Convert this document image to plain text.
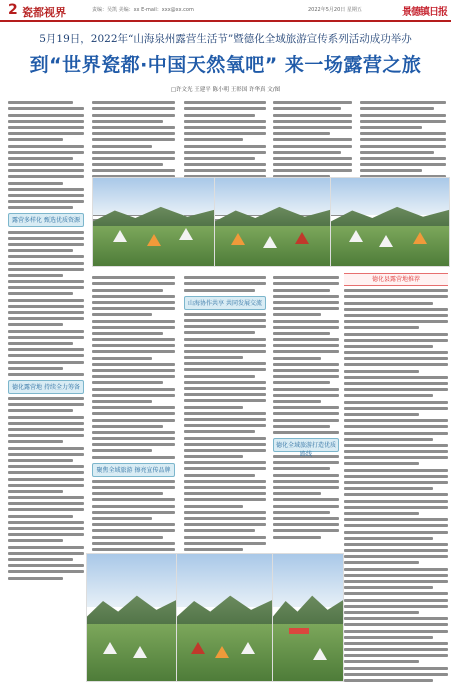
2 瓷都视界	责编：吴凯 美编：xx E-mail：xxx@xx.com	2022年5月20日 星期五	景德镇日报
5月19日，2022年“山海泉州露营生活节”暨德化全域旅游宣传系列活动成功举办
到“世界瓷都·中国天然氧吧” 来一场露营之旅
□许文光 王建平 陈小明 王彰国 许华真 文/图
露营多样化 甄选优质资源
德化露营地 持续全力筹备
聚焦全域旅游 擦亮宣传品牌
山海协作共享 共同发展交流
德化全域旅游打造优质路线
德化县露营地推荐
